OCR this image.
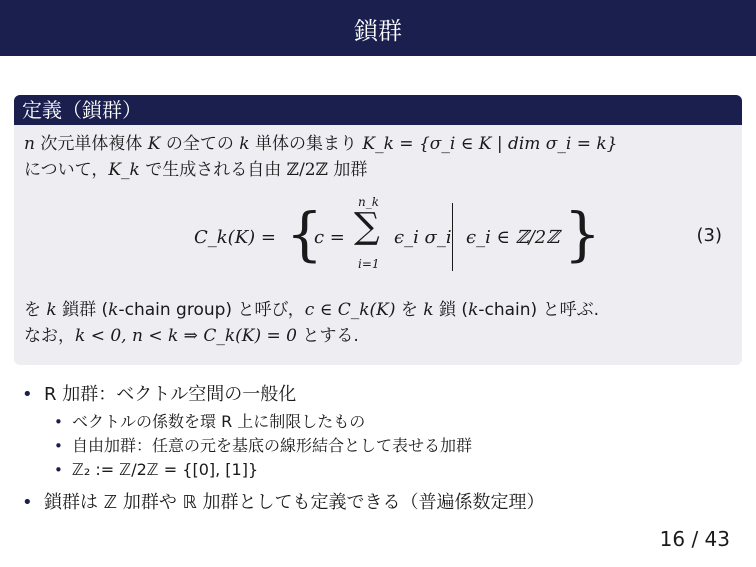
鎖群
定義（鎖群）
n 次元単体複体 K の全ての k 単体の集まり K_k = {σ_i ∈ K | dim σ_i = k}
について，K_k で生成される自由 ℤ/2ℤ 加群
C_k(K) = {
c =
n_k
∑
i=1
ϵ_i σ_i ϵ_i ∈ ℤ/2ℤ }	(3)
を k 鎖群 (k-chain group) と呼び，c ∈ C_k(K) を k 鎖 (k-chain) と呼ぶ.
なお，k < 0, n < k ⇒ C_k(K) = 0 とする.
• R 加群：ベクトル空間の一般化
• ベクトルの係数を環 R 上に制限したもの
• 自由加群：任意の元を基底の線形結合として表せる加群
• ℤ₂ := ℤ/2ℤ = {[0], [1]}
• 鎖群は ℤ 加群や ℝ 加群としても定義できる（普遍係数定理）
16 / 43
